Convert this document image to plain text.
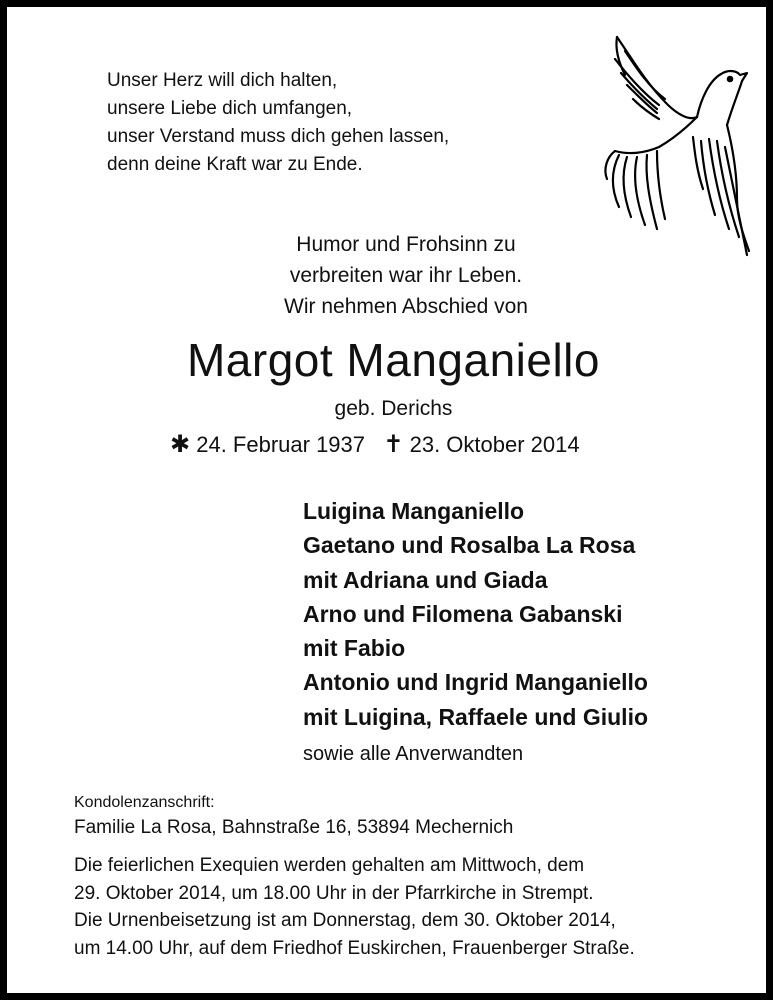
Unser Herz will dich halten,
unsere Liebe dich umfangen,
unser Verstand muss dich gehen lassen,
denn deine Kraft war zu Ende.
Humor und Frohsinn zu
verbreiten war ihr Leben.
Wir nehmen Abschied von
Margot Manganiello
geb. Derichs
✱ 24. Februar 1937 ✝ 23. Oktober 2014
Luigina Manganiello
Gaetano und Rosalba La Rosa
mit Adriana und Giada
Arno und Filomena Gabanski
mit Fabio
Antonio und Ingrid Manganiello
mit Luigina, Raffaele und Giulio
sowie alle Anverwandten
Kondolenzanschrift:
Familie La Rosa, Bahnstraße 16, 53894 Mechernich
Die feierlichen Exequien werden gehalten am Mittwoch, dem
29. Oktober 2014, um 18.00 Uhr in der Pfarrkirche in Strempt.
Die Urnenbeisetzung ist am Donnerstag, dem 30. Oktober 2014,
um 14.00 Uhr, auf dem Friedhof Euskirchen, Frauenberger Straße.
